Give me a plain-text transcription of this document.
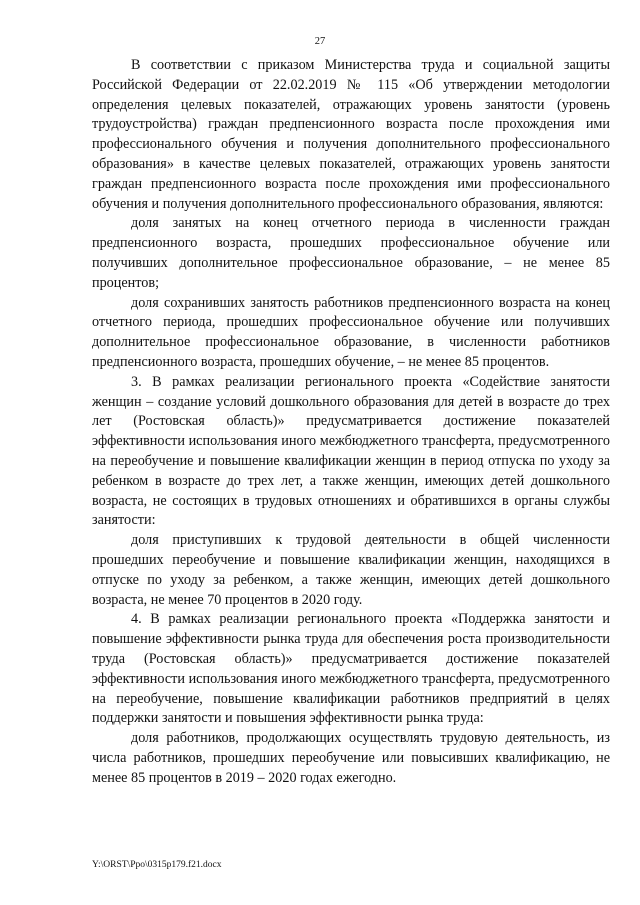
27

В соответствии с приказом Министерства труда и социальной защиты Российской Федерации от 22.02.2019 № 115 «Об утверждении методологии определения целевых показателей, отражающих уровень занятости (уровень трудоустройства) граждан предпенсионного возраста после прохождения ими профессионального обучения и получения дополнительного профессионального образования» в качестве целевых показателей, отражающих уровень занятости граждан предпенсионного возраста после прохождения ими профессионального обучения и получения дополнительного профессионального образования, являются:

доля занятых на конец отчетного периода в численности граждан предпенсионного возраста, прошедших профессиональное обучение или получивших дополнительное профессиональное образование, – не менее 85 процентов;

доля сохранивших занятость работников предпенсионного возраста на конец отчетного периода, прошедших профессиональное обучение или получивших дополнительное профессиональное образование, в численности работников предпенсионного возраста, прошедших обучение, – не менее 85 процентов.

3. В рамках реализации регионального проекта «Содействие занятости женщин – создание условий дошкольного образования для детей в возрасте до трех лет (Ростовская область)» предусматривается достижение показателей эффективности использования иного межбюджетного трансферта, предусмотренного на переобучение и повышение квалификации женщин в период отпуска по уходу за ребенком в возрасте до трех лет, а также женщин, имеющих детей дошкольного возраста, не состоящих в трудовых отношениях и обратившихся в органы службы занятости:

доля приступивших к трудовой деятельности в общей численности прошедших переобучение и повышение квалификации женщин, находящихся в отпуске по уходу за ребенком, а также женщин, имеющих детей дошкольного возраста, не менее 70 процентов в 2020 году.

4. В рамках реализации регионального проекта «Поддержка занятости и повышение эффективности рынка труда для обеспечения роста производительности труда (Ростовская область)» предусматривается достижение показателей эффективности использования иного межбюджетного трансферта, предусмотренного на переобучение, повышение квалификации работников предприятий в целях поддержки занятости и повышения эффективности рынка труда:

доля работников, продолжающих осуществлять трудовую деятельность, из числа работников, прошедших переобучение или повысивших квалификацию, не менее 85 процентов в 2019 – 2020 годах ежегодно.

Y:\ORST\Ppo\0315p179.f21.docx
